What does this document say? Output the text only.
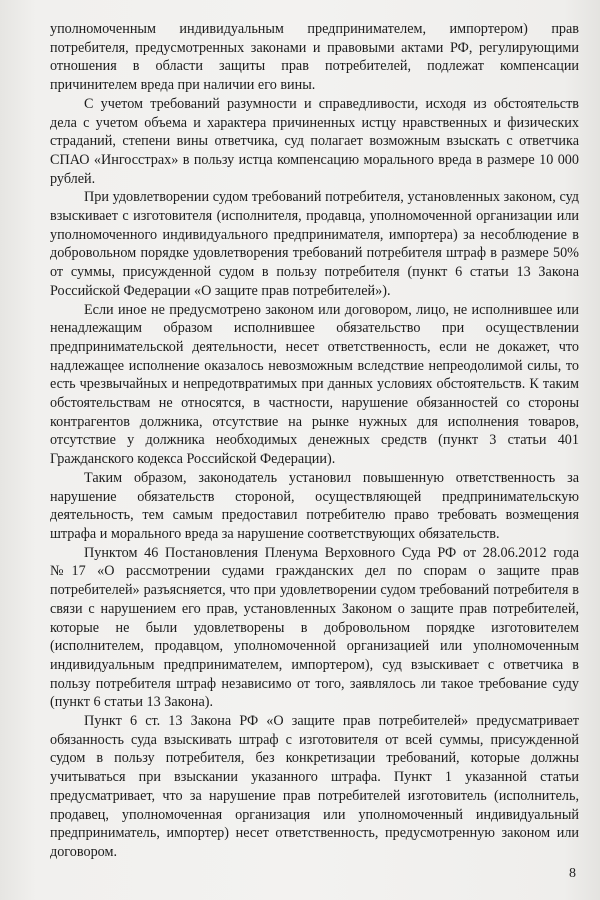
уполномоченным индивидуальным предпринимателем, импортером) прав потребителя, предусмотренных законами и правовыми актами РФ, регулирующими отношения в области защиты прав потребителей, подлежат компенсации причинителем вреда при наличии его вины.

С учетом требований разумности и справедливости, исходя из обстоятельств дела с учетом объема и характера причиненных истцу нравственных и физических страданий, степени вины ответчика, суд полагает возможным взыскать с ответчика СПАО «Ингосстрах» в пользу истца компенсацию морального вреда в размере 10 000 рублей.

При удовлетворении судом требований потребителя, установленных законом, суд взыскивает с изготовителя (исполнителя, продавца, уполномоченной организации или уполномоченного индивидуального предпринимателя, импортера) за несоблюдение в добровольном порядке удовлетворения требований потребителя штраф в размере 50% от суммы, присужденной судом в пользу потребителя (пункт 6 статьи 13 Закона Российской Федерации «О защите прав потребителей»).

Если иное не предусмотрено законом или договором, лицо, не исполнившее или ненадлежащим образом исполнившее обязательство при осуществлении предпринимательской деятельности, несет ответственность, если не докажет, что надлежащее исполнение оказалось невозможным вследствие непреодолимой силы, то есть чрезвычайных и непредотвратимых при данных условиях обстоятельств. К таким обстоятельствам не относятся, в частности, нарушение обязанностей со стороны контрагентов должника, отсутствие на рынке нужных для исполнения товаров, отсутствие у должника необходимых денежных средств (пункт 3 статьи 401 Гражданского кодекса Российской Федерации).

Таким образом, законодатель установил повышенную ответственность за нарушение обязательств стороной, осуществляющей предпринимательскую деятельность, тем самым предоставил потребителю право требовать возмещения штрафа и морального вреда за нарушение соответствующих обязательств.

Пунктом 46 Постановления Пленума Верховного Суда РФ от 28.06.2012 года №17 «О рассмотрении судами гражданских дел по спорам о защите прав потребителей» разъясняется, что при удовлетворении судом требований потребителя в связи с нарушением его прав, установленных Законом о защите прав потребителей, которые не были удовлетворены в добровольном порядке изготовителем (исполнителем, продавцом, уполномоченной организацией или уполномоченным индивидуальным предпринимателем, импортером), суд взыскивает с ответчика в пользу потребителя штраф независимо от того, заявлялось ли такое требование суду (пункт 6 статьи 13 Закона).

Пункт 6 ст. 13 Закона РФ «О защите прав потребителей» предусматривает обязанность суда взыскивать штраф с изготовителя от всей суммы, присужденной судом в пользу потребителя, без конкретизации требований, которые должны учитываться при взыскании указанного штрафа. Пункт 1 указанной статьи предусматривает, что за нарушение прав потребителей изготовитель (исполнитель, продавец, уполномоченная организация или уполномоченный индивидуальный предприниматель, импортер) несет ответственность, предусмотренную законом или договором.

8
